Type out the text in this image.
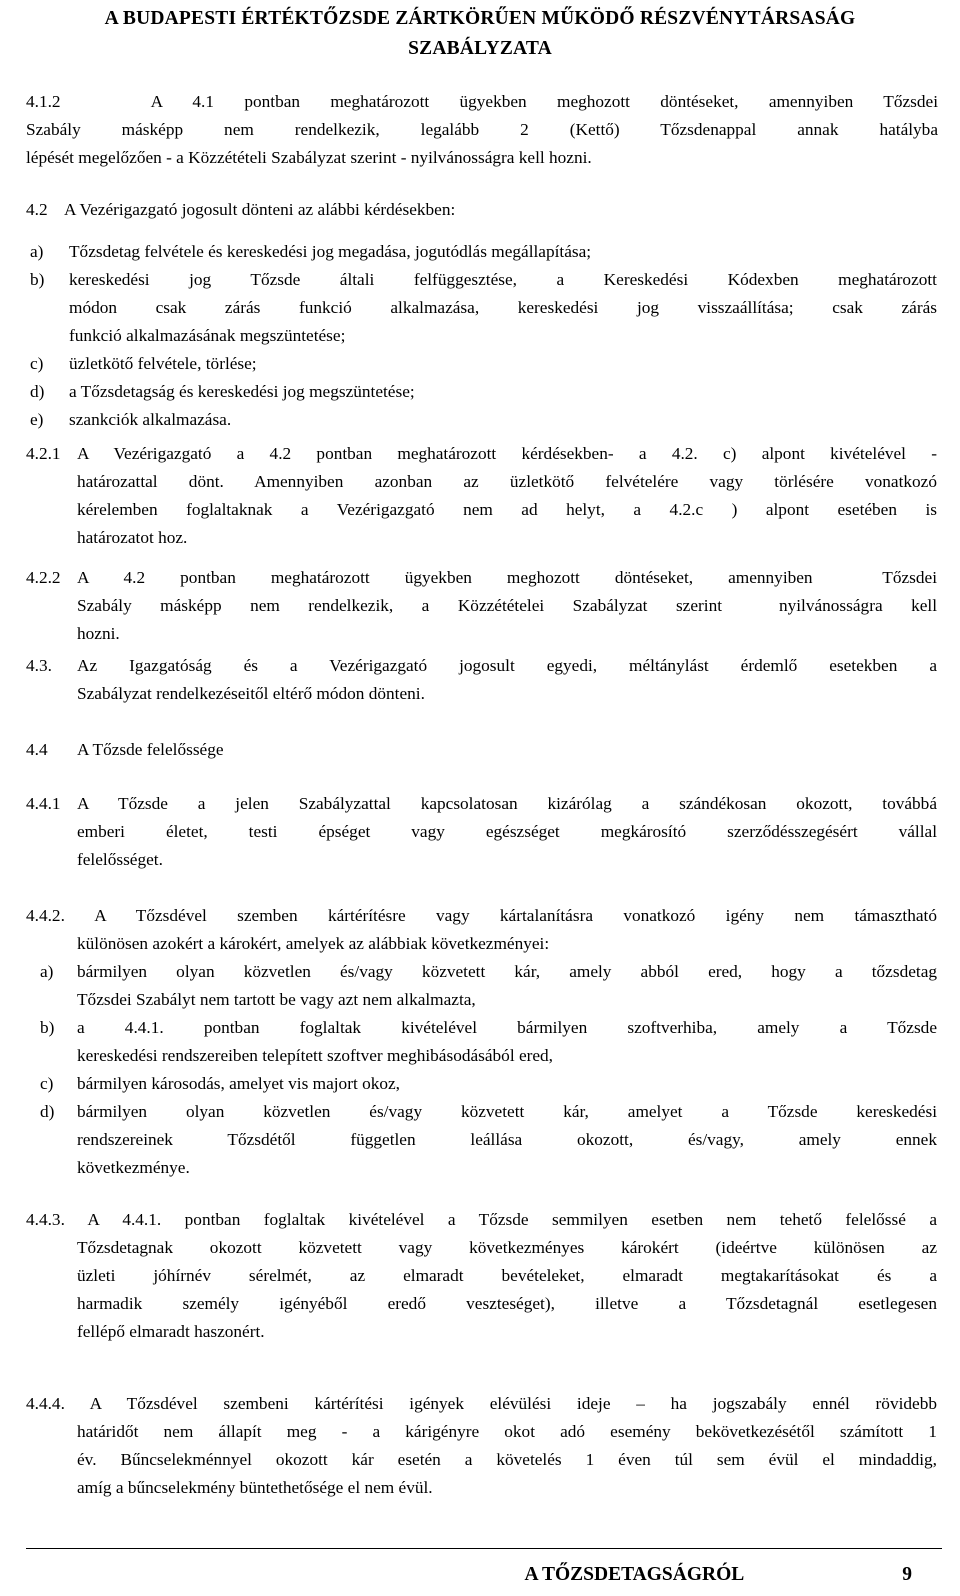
A BUDAPESTI ÉRTÉKTŐZSDE ZÁRTKÖRŰEN MŰKÖDŐ RÉSZVÉNYTÁRSASÁG
SZABÁLYZATA
4.1.2   A 4.1 pontban meghatározott ügyekben meghozott döntéseket, amennyiben Tőzsdei
Szabály másképp nem rendelkezik, legalább 2 (Kettő) Tőzsdenappal annak hatályba
lépését megelőzően - a Közzétételi Szabályzat szerint - nyilvánosságra kell hozni.
4.2 A Vezérigazgató jogosult dönteni az alábbi kérdésekben:
a) Tőzsdetag felvétele és kereskedési jog megadása, jogutódlás megállapítása;
b) kereskedési jog Tőzsde általi felfüggesztése, a Kereskedési Kódexben meghatározott
módon csak zárás funkció alkalmazása, kereskedési jog visszaállítása; csak zárás
funkció alkalmazásának megszüntetése;
c) üzletkötő felvétele, törlése;
d) a Tőzsdetagság és kereskedési jog megszüntetése;
e) szankciók alkalmazása.
4.2.1 A Vezérigazgató a 4.2 pontban meghatározott kérdésekben- a 4.2. c) alpont kivételével -
határozattal dönt. Amennyiben azonban az üzletkötő felvételére vagy törlésére vonatkozó
kérelemben foglaltaknak a Vezérigazgató nem ad helyt, a 4.2.c ) alpont esetében is
határozatot hoz.
4.2.2 A 4.2 pontban meghatározott ügyekben meghozott döntéseket, amennyiben  Tőzsdei
Szabály másképp nem rendelkezik, a Közzétételei Szabályzat szerint  nyilvánosságra kell
hozni.
4.3. Az Igazgatóság és a Vezérigazgató jogosult egyedi, méltánylást érdemlő esetekben a
Szabályzat rendelkezéseitől eltérő módon dönteni.
4.4 A Tőzsde felelőssége
4.4.1 A Tőzsde a jelen Szabályzattal kapcsolatosan kizárólag a szándékosan okozott, továbbá
emberi életet, testi épséget vagy egészséget megkárosító szerződésszegésért vállal
felelősséget.
4.4.2. A Tőzsdével szemben kártérítésre vagy kártalanításra vonatkozó igény nem támasztható
különösen azokért a károkért, amelyek az alábbiak következményei:
a) bármilyen olyan közvetlen és/vagy közvetett kár, amely abból ered, hogy a tőzsdetag
Tőzsdei Szabályt nem tartott be vagy azt nem alkalmazta,
b) a 4.4.1. pontban foglaltak kivételével bármilyen szoftverhiba, amely a Tőzsde
kereskedési rendszereiben telepített szoftver meghibásodásából ered,
c) bármilyen károsodás, amelyet vis majort okoz,
d) bármilyen olyan közvetlen és/vagy közvetett kár, amelyet a Tőzsde kereskedési
rendszereinek Tőzsdétől független leállása okozott, és/vagy, amely ennek
következménye.
4.4.3. A 4.4.1. pontban foglaltak kivételével a Tőzsde semmilyen esetben nem tehető felelőssé a
Tőzsdetagnak okozott közvetett vagy következményes károkért (ideértve különösen az
üzleti jóhírnév sérelmét, az elmaradt bevételeket, elmaradt megtakarításokat és a
harmadik személy igényéből eredő veszteséget), illetve a Tőzsdetagnál esetlegesen
fellépő elmaradt haszonért.
4.4.4. A Tőzsdével szembeni kártérítési igények elévülési ideje – ha jogszabály ennél rövidebb
határidőt nem állapít meg - a kárigényre okot adó esemény bekövetkezésétől számított 1
év. Bűncselekménnyel okozott kár esetén a követelés 1 éven túl sem évül el mindaddig,
amíg a bűncselekmény büntethetősége el nem évül.
A TŐZSDETAGSÁGRÓL	9
